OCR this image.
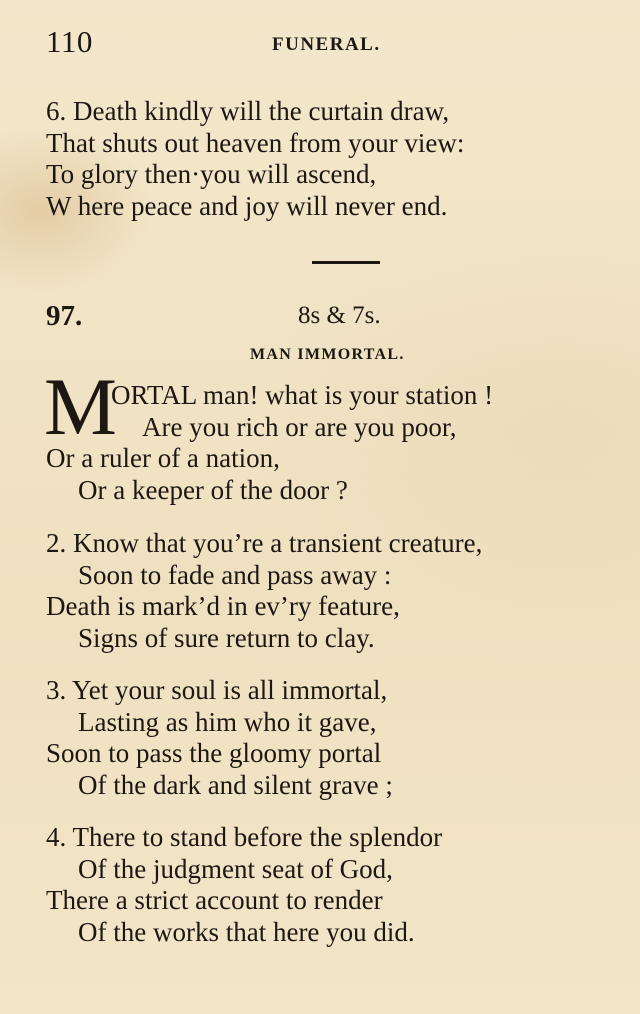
110	FUNERAL.
6. Death kindly will the curtain draw,
That shuts out heaven from your view:
To glory then·you will ascend,
W here peace and joy will never end.
97.	8s & 7s.
MAN IMMORTAL.
M
ORTAL man! what is your station !
Are you rich or are you poor,
Or a ruler of a nation,
Or a keeper of the door ?
2. Know that you’re a transient creature,
Soon to fade and pass away :
Death is mark’d in ev’ry feature,
Signs of sure return to clay.
3. Yet your soul is all immortal,
Lasting as him who it gave,
Soon to pass the gloomy portal
Of the dark and silent grave ;
4. There to stand before the splendor
Of the judgment seat of God,
There a strict account to render
Of the works that here you did.
